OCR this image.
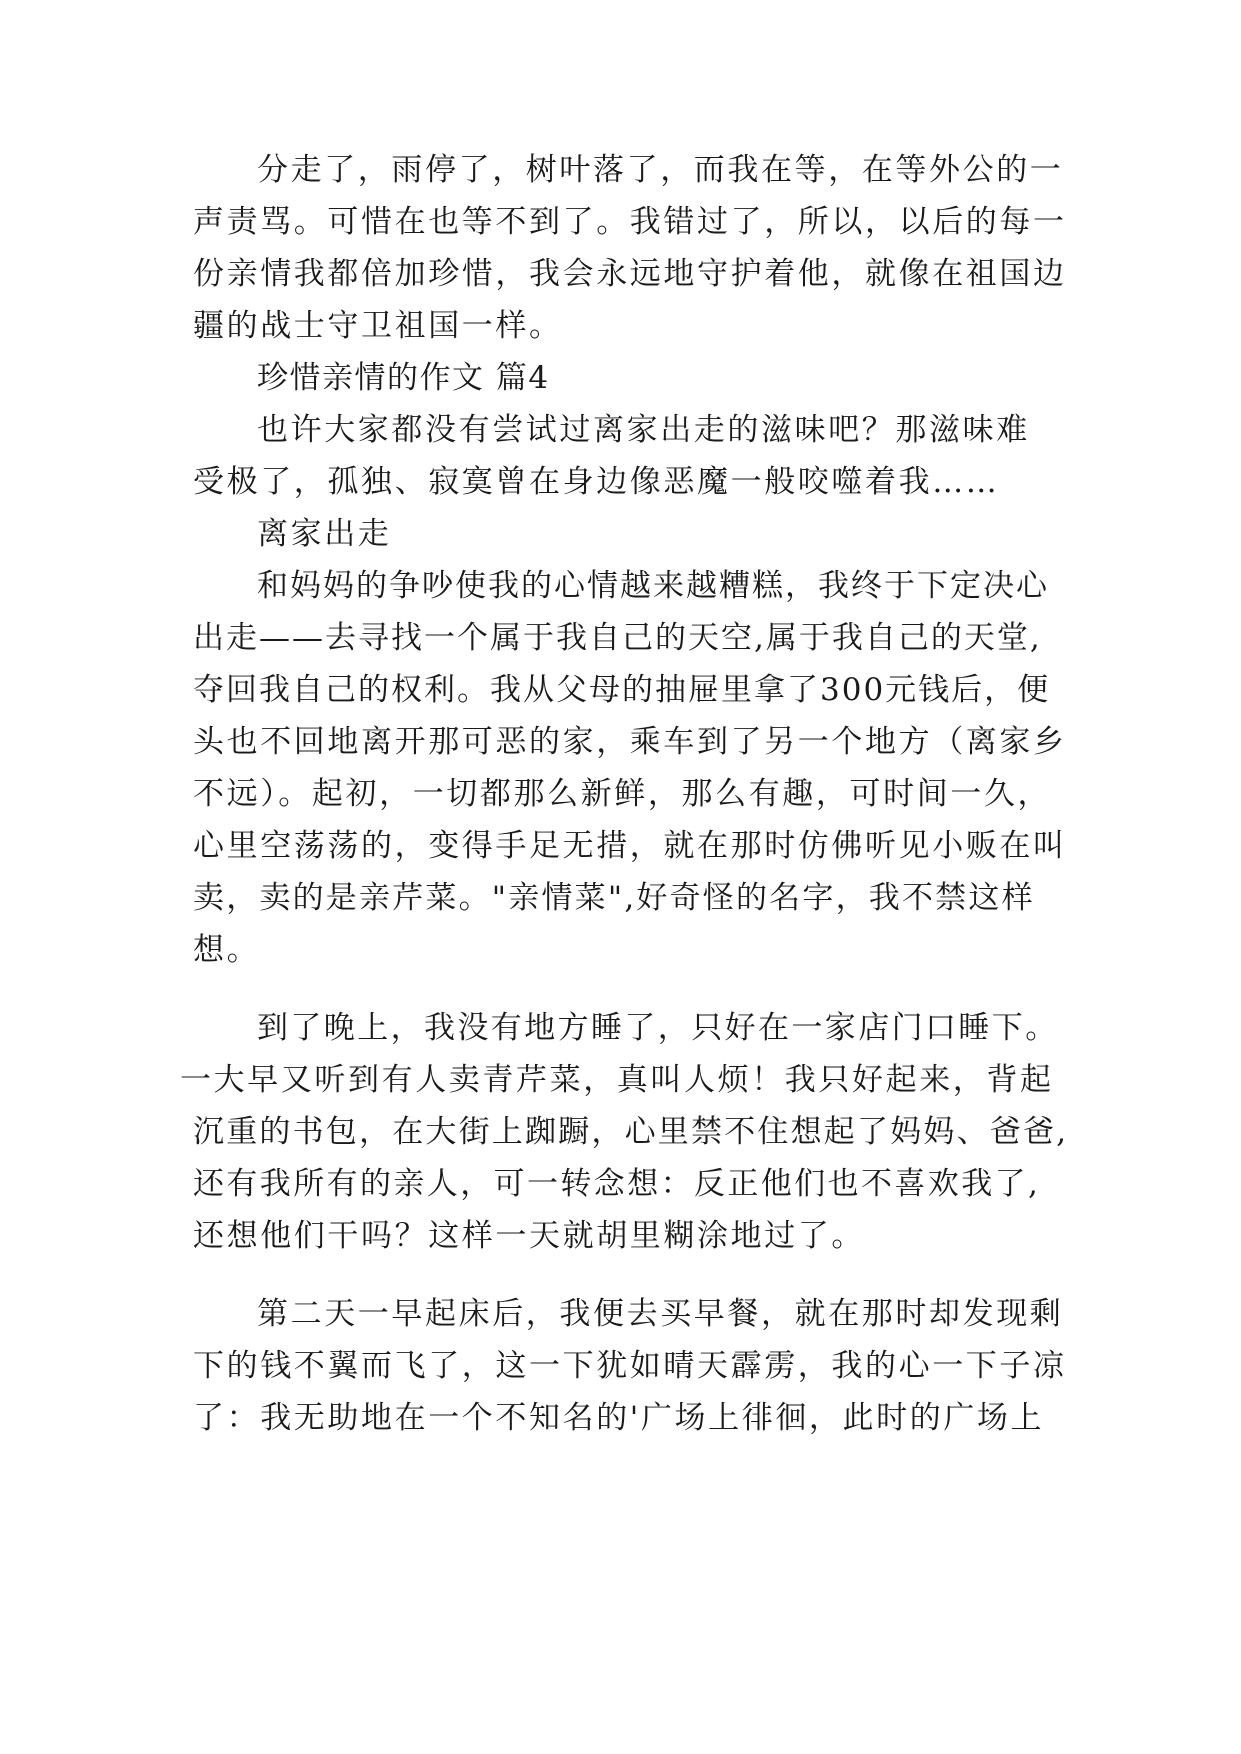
分走了，雨停了，树叶落了，而我在等，在等外公的一
声责骂。可惜在也等不到了。我错过了，所以，以后的每一
份亲情我都倍加珍惜，我会永远地守护着他，就像在祖国边
疆的战士守卫祖国一样。
珍惜亲情的作文 篇4
也许大家都没有尝试过离家出走的滋味吧？那滋味难
受极了，孤独、寂寞曾在身边像恶魔一般咬噬着我……
离家出走
和妈妈的争吵使我的心情越来越糟糕，我终于下定决心
出走——去寻找一个属于我自己的天空,属于我自己的天堂,
夺回我自己的权利。我从父母的抽屉里拿了300元钱后，便
头也不回地离开那可恶的家，乘车到了另一个地方（离家乡
不远）。起初，一切都那么新鲜，那么有趣，可时间一久，
心里空荡荡的，变得手足无措，就在那时仿佛听见小贩在叫
卖，卖的是亲芹菜。"亲情菜",好奇怪的名字，我不禁这样
想。
到了晚上，我没有地方睡了，只好在一家店门口睡下。
一大早又听到有人卖青芹菜，真叫人烦！我只好起来，背起
沉重的书包，在大街上踟蹰，心里禁不住想起了妈妈、爸爸,
还有我所有的亲人，可一转念想：反正他们也不喜欢我了,
还想他们干吗？这样一天就胡里糊涂地过了。
第二天一早起床后，我便去买早餐，就在那时却发现剩
下的钱不翼而飞了，这一下犹如晴天霹雳，我的心一下子凉
了：我无助地在一个不知名的'广场上徘徊，此时的广场上
